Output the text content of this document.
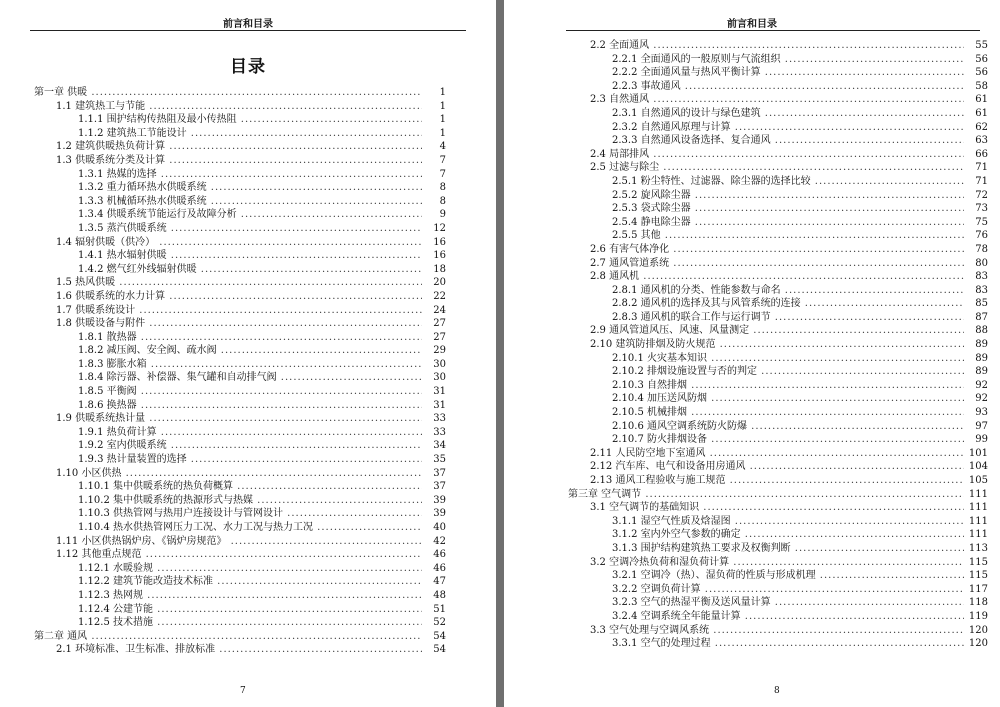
前言和目录
目录
第一章 供暖 .....	1
1.1 建筑热工与节能 .....	1
1.1.1 围护结构传热阻及最小传热阻 .....	1
1.1.2 建筑热工节能设计 .....	1
1.2 建筑供暖热负荷计算 .....	4
1.3 供暖系统分类及计算 .....	7
1.3.1 热媒的选择 .....	7
1.3.2 重力循环热水供暖系统 .....	8
1.3.3 机械循环热水供暖系统 .....	8
1.3.4 供暖系统节能运行及故障分析 .....	9
1.3.5 蒸汽供暖系统 .....	12
1.4 辐射供暖（供冷） .....	16
1.4.1 热水辐射供暖 .....	16
1.4.2 燃气红外线辐射供暖 .....	18
1.5 热风供暖 .....	20
1.6 供暖系统的水力计算 .....	22
1.7 供暖系统设计 .....	24
1.8 供暖设备与附件 .....	27
1.8.1 散热器 .....	27
1.8.2 减压阀、安全阀、疏水阀 .....	29
1.8.3 膨胀水箱 .....	30
1.8.4 除污器、补偿器、集气罐和自动排气阀 .....	30
1.8.5 平衡阀 .....	31
1.8.6 换热器 .....	31
1.9 供暖系统热计量 .....	33
1.9.1 热负荷计算 .....	33
1.9.2 室内供暖系统 .....	34
1.9.3 热计量装置的选择 .....	35
1.10 小区供热 .....	37
1.10.1 集中供暖系统的热负荷概算 .....	37
1.10.2 集中供暖系统的热源形式与热媒 .....	39
1.10.3 供热管网与热用户连接设计与管网设计 .....	39
1.10.4 热水供热管网压力工况、水力工况与热力工况 .....	40
1.11 小区供热锅炉房、《锅炉房规范》 .....	42
1.12 其他重点规范 .....	46
1.12.1 水暖验规 .....	46
1.12.2 建筑节能改造技术标准 .....	47
1.12.3 热网规 .....	48
1.12.4 公建节能 .....	51
1.12.5 技术措施 .....	52
第二章 通风 .....	54
2.1 环境标准、卫生标准、排放标准 .....	54
7
前言和目录
2.2 全面通风 .....	55
2.2.1 全面通风的一般原则与气流组织 .....	56
2.2.2 全面通风量与热风平衡计算 .....	56
2.2.3 事故通风 .....	58
2.3 自然通风 .....	61
2.3.1 自然通风的设计与绿色建筑 .....	61
2.3.2 自然通风原理与计算 .....	62
2.3.3 自然通风设备选择、复合通风 .....	63
2.4 局部排风 .....	66
2.5 过滤与除尘 .....	71
2.5.1 粉尘特性、过滤器、除尘器的选择比较 .....	71
2.5.2 旋风除尘器 .....	72
2.5.3 袋式除尘器 .....	73
2.5.4 静电除尘器 .....	75
2.5.5 其他 .....	76
2.6 有害气体净化 .....	78
2.7 通风管道系统 .....	80
2.8 通风机 .....	83
2.8.1 通风机的分类、性能参数与命名 .....	83
2.8.2 通风机的选择及其与风管系统的连接 .....	85
2.8.3 通风机的联合工作与运行调节 .....	87
2.9 通风管道风压、风速、风量测定 .....	88
2.10 建筑防排烟及防火规范 .....	89
2.10.1 火灾基本知识 .....	89
2.10.2 排烟设施设置与否的判定 .....	89
2.10.3 自然排烟 .....	92
2.10.4 加压送风防烟 .....	92
2.10.5 机械排烟 .....	93
2.10.6 通风空调系统防火防爆 .....	97
2.10.7 防火排烟设备 .....	99
2.11 人民防空地下室通风 .....	101
2.12 汽车库、电气和设备用房通风 .....	104
2.13 通风工程验收与施工规范 .....	105
第三章 空气调节 .....	111
3.1 空气调节的基础知识 .....	111
3.1.1 湿空气性质及焓湿图 .....	111
3.1.2 室内外空气参数的确定 .....	111
3.1.3 围护结构建筑热工要求及权衡判断 .....	113
3.2 空调冷热负荷和湿负荷计算 .....	115
3.2.1 空调冷（热）、湿负荷的性质与形成机理 .....	115
3.2.2 空调负荷计算 .....	117
3.2.3 空气的热湿平衡及送风量计算 .....	118
3.2.4 空调系统全年能量计算 .....	119
3.3 空气处理与空调风系统 .....	120
3.3.1 空气的处理过程 .....	120
8
